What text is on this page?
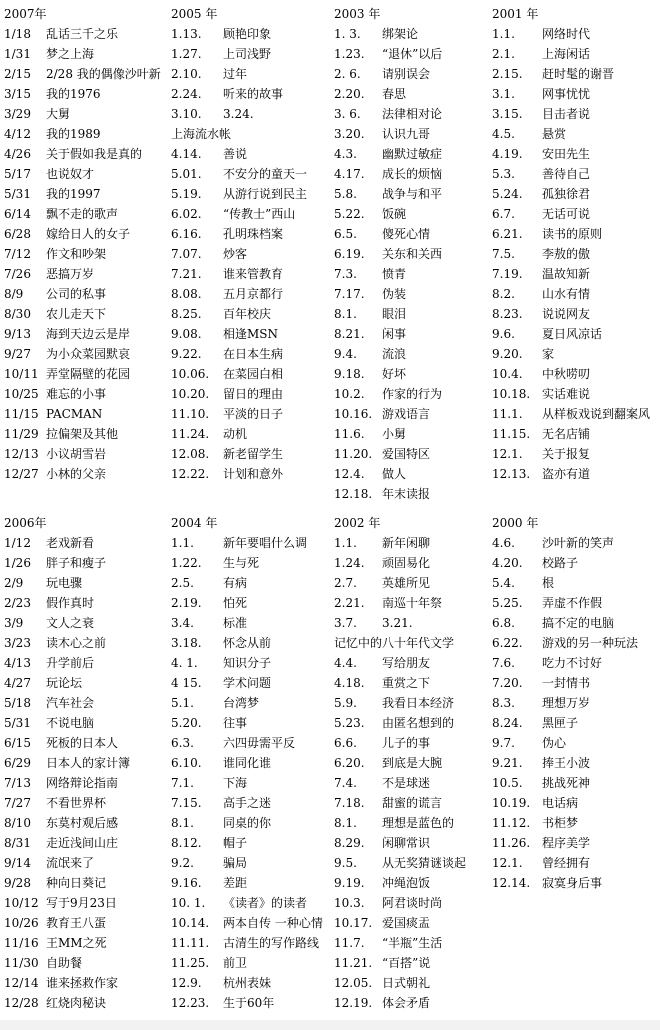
2007年
1/18 乱话三千之乐
1/31 梦之上海
2/15 2/28 我的偶像沙叶新
3/15 我的1976
3/29 大舅
4/12 我的1989
4/26 关于假如我是真的
5/17 也说奴才
5/31 我的1997
6/14 飘不走的歌声
6/28 嫁给日人的女子
7/12 作文和吵架
7/26 恶搞万岁
8/9 公司的私事
8/30 农儿走天下
9/13 海到天边云是岸
9/27 为小众菜园默哀
10/11 弄堂隔壁的花园
10/25 难忘的小事
11/15 PACMAN
11/29 拉偏架及其他
12/13 小议胡雪岩
12/27 小林的父亲
2005 年
1.13. 顾艳印象
1.27. 上司浅野
2.10. 过年
2.24. 听来的故事
3.10. 3.24.
上海流水帐
4.14. 善说
5.01. 不安分的童天一
5.19. 从游行说到民主
6.02. “传教士”西山
6.16. 孔明珠档案
7.07. 炒客
7.21. 谁来管教育
8.08. 五月京都行
8.25. 百年校庆
9.08. 相逢MSN
9.22. 在日本生病
10.06. 在菜园白相
10.20. 留日的理由
11.10. 平淡的日子
11.24. 动机
12.08. 新老留学生
12.22. 计划和意外
2003 年
1. 3. 绑架论
1.23. “退休”以后
2. 6. 请别误会
2.20. 春思
3. 6. 法律相对论
3.20. 认识九哥
4.3. 幽默过敏症
4.17. 成长的烦恼
5.8. 战争与和平
5.22. 饭碗
6.5. 傻死心情
6.19. 关东和关西
7.3. 愤青
7.17. 伪装
8.1. 眼泪
8.21. 闲事
9.4. 流浪
9.18. 好坏
10.2. 作家的行为
10.16. 游戏语言
11.6. 小舅
11.20. 爱国特区
12.4. 做人
12.18. 年末读报
2001 年
1.1. 网络时代
2.1. 上海闲话
2.15. 赶时髦的谢晋
3.1. 网事忧忧
3.15. 目击者说
4.5. 悬赏
4.19. 安田先生
5.3. 善待自己
5.24. 孤独徐君
6.7. 无话可说
6.21. 读书的原则
7.5. 李敖的傲
7.19. 温故知新
8.2. 山水有情
8.23. 说说网友
9.6. 夏日风凉话
9.20. 家
10.4. 中秋唠叨
10.18. 实话难说
11.1. 从样板戏说到翻案风
11.15. 无名店铺
12.1. 关于报复
12.13. 盗亦有道
2006年
1/12 老戏新看
1/26 胖子和瘦子
2/9 玩电骤
2/23 假作真时
3/9 文人之衰
3/23 读木心之前
4/13 升学前后
4/27 玩论坛
5/18 汽车社会
5/31 不说电脑
6/15 死板的日本人
6/29 日本人的家计簿
7/13 网络辩论指南
7/27 不看世界杯
8/10 东莫村观后感
8/31 走近浅间山庄
9/14 流氓来了
9/28 种向日葵记
10/12 写于9月23日
10/26 教育王八蛋
11/16 王MM之死
11/30 自助餐
12/14 谁来拯救作家
12/28 红烧肉秘诀
2004 年
1.1. 新年要唱什么调
1.22. 生与死
2.5. 有病
2.19. 怕死
3.4. 标准
3.18. 怀念从前
4. 1. 知识分子
4 15. 学术问题
5.1. 台湾梦
5.20. 往事
6.3. 六四毋需平反
6.10. 谁同化谁
7.1. 下海
7.15. 高手之迷
8.1. 同桌的你
8.12. 帽子
9.2. 骗局
9.16. 差距
10. 1. 《读者》的读者
10.14. 两本自传 一种心情
11.11. 古清生的写作路线
11.25. 前卫
12.9. 杭州表妹
12.23. 生于60年
2002 年
1.1. 新年闲聊
1.24. 顽固易化
2.7. 英雄所见
2.21. 南巡十年祭
3.7. 3.21.
记忆中的八十年代文学
4.4. 写给朋友
4.18. 重赏之下
5.9. 我看日本经济
5.23. 由匿名想到的
6.6. 儿子的事
6.20. 到底是大腕
7.4. 不是球迷
7.18. 甜蜜的谎言
8.1. 理想是蓝色的
8.29. 闲聊常识
9.5. 从无奖猜谜谈起
9.19. 冲绳泡饭
10.3. 阿君谈时尚
10.17. 爱国痰盂
11.7. “半瓶”生活
11.21. “百搭”说
12.05. 日式朝礼
12.19. 体会矛盾
2000 年
4.6. 沙叶新的笑声
4.20. 校路子
5.4. 根
5.25. 弄虚不作假
6.8. 搞不定的电脑
6.22. 游戏的另一种玩法
7.6. 吃力不讨好
7.20. 一封情书
8.3. 理想万岁
8.24. 黑匣子
9.7. 伪心
9.21. 捧王小波
10.5. 挑战死神
10.19. 电话病
11.12. 书柜梦
11.26. 程序美学
12.1. 曾经拥有
12.14. 寂寞身后事
